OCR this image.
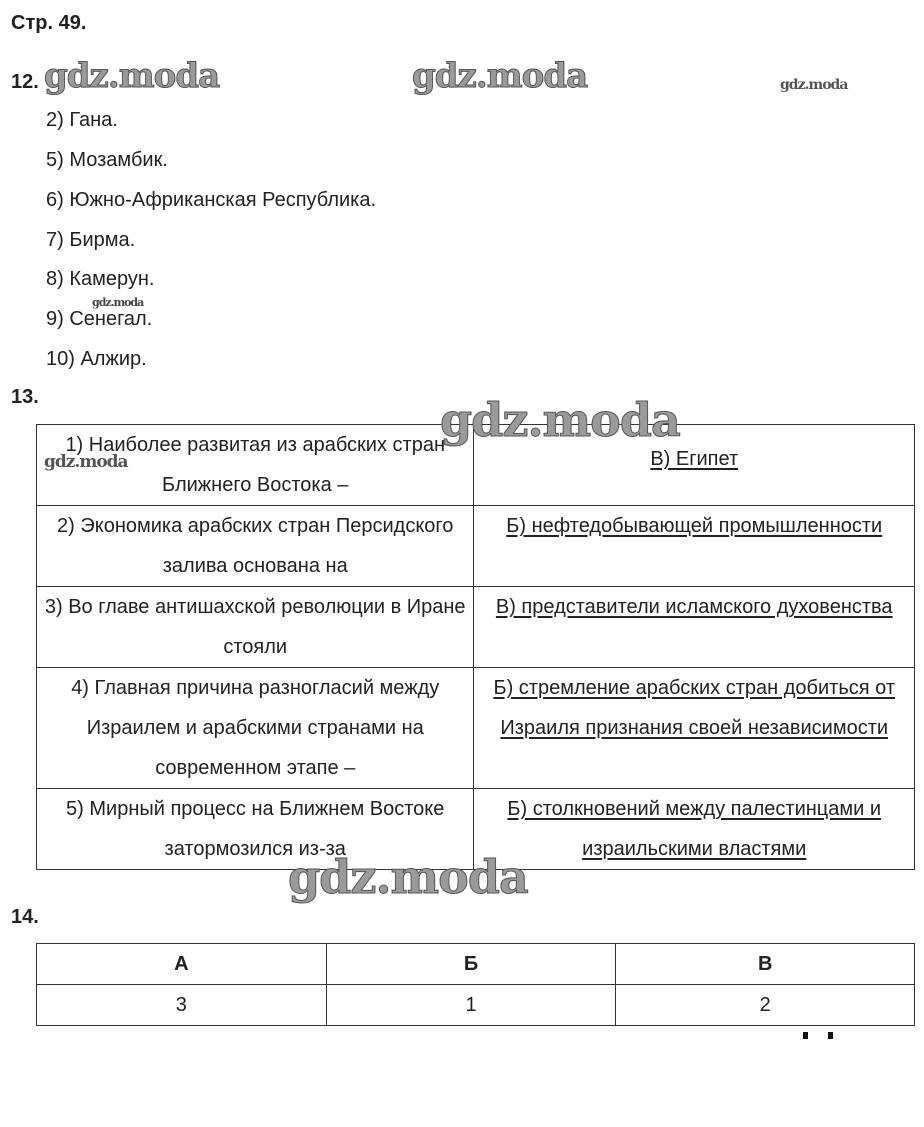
Стр. 49.
12.
2) Гана.
5) Мозамбик.
6) Южно-Африканская Республика.
7) Бирма.
8) Камерун.
9) Сенегал.
10) Алжир.
13.
1) Наиболее развитая из арабских стран Ближнего Востока –	В) Египет
2) Экономика арабских стран Персидского залива основана на	Б) нефтедобывающей промышленности
3) Во главе антишахской революции в Иране стояли	В) представители исламского духовенства
4) Главная причина разногласий между Израилем и арабскими странами на современном этапе –	Б) стремление арабских стран добиться от Израиля признания своей независимости
5) Мирный процесс на Ближнем Востоке затормозился из-за	Б) столкновений между палестинцами и израильскими властями
14.
А	Б	В
3	1	2
gdz.moda	gdz.moda	gdz.moda
gdz.moda
gdz.moda
gdz.moda
gdz.moda
